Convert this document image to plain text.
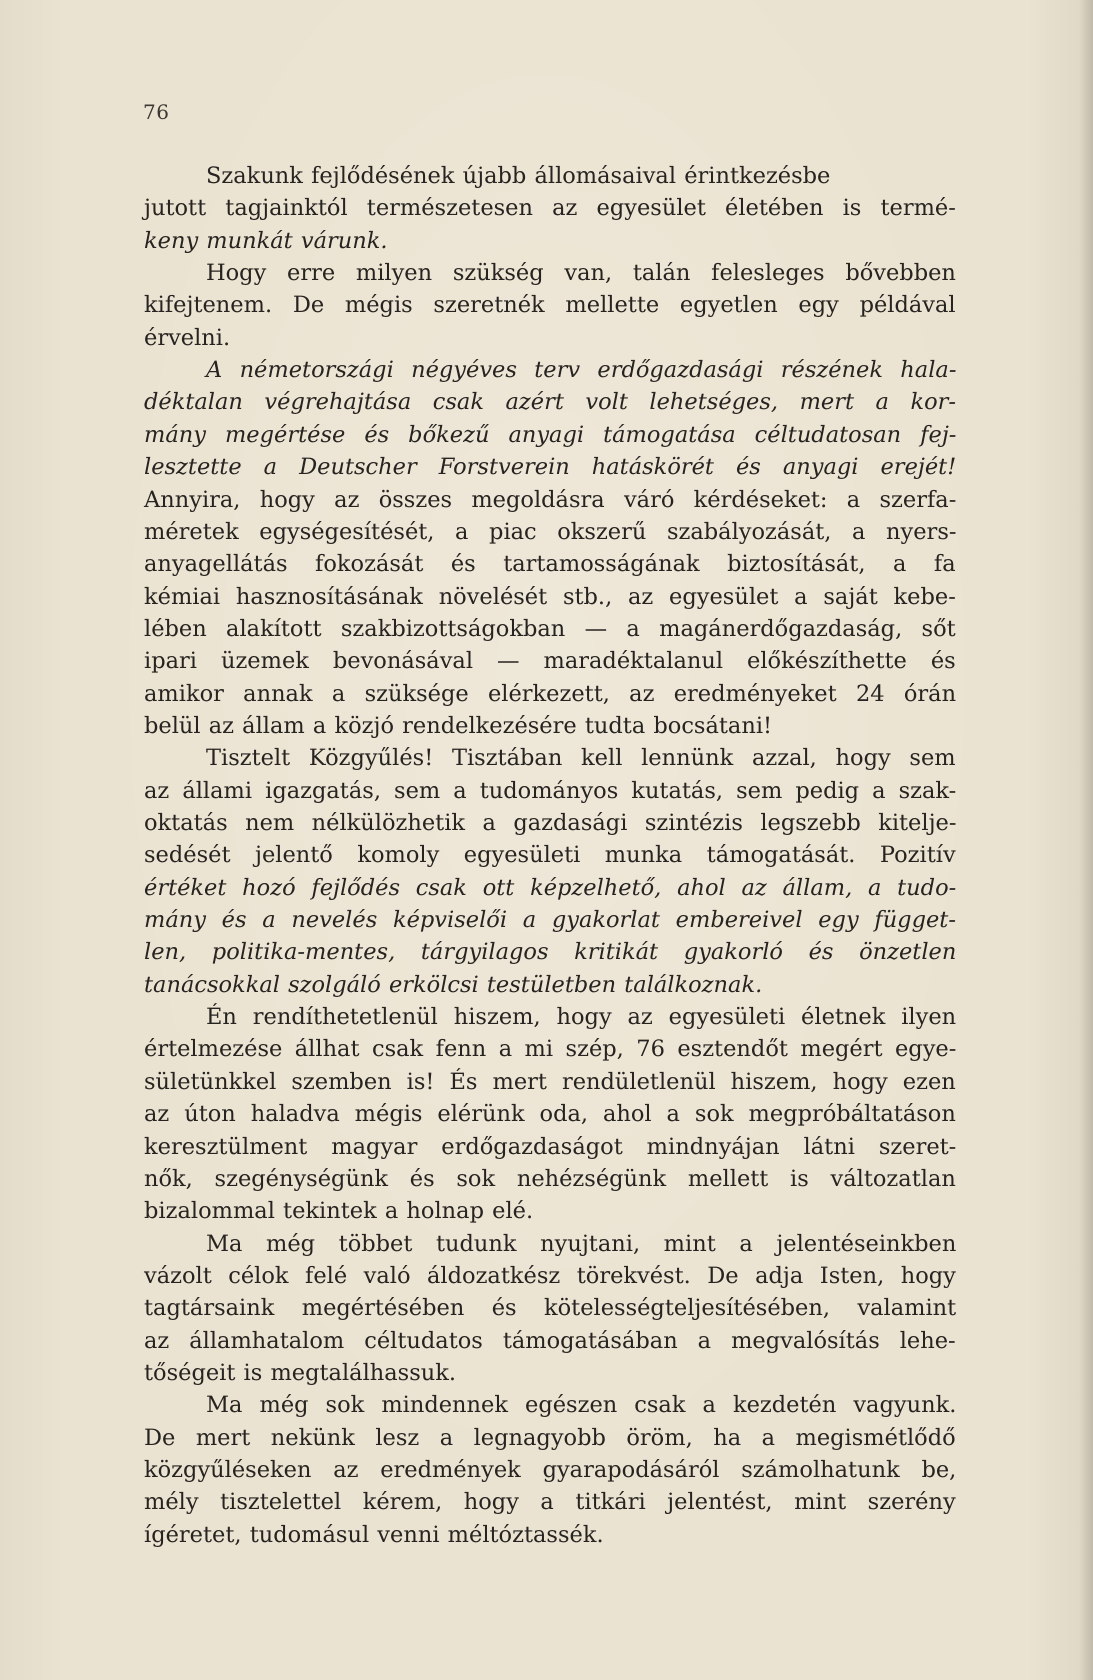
76
Szakunk fejlődésének újabb állomásaival érintkezésbe
jutott tagjainktól természetesen az egyesület életében is termé-
keny munkát várunk.
Hogy erre milyen szükség van, talán felesleges bővebben
kifejtenem. De mégis szeretnék mellette egyetlen egy példával
érvelni.
A németországi négyéves terv erdőgazdasági részének hala-
déktalan végrehajtása csak azért volt lehetséges, mert a kor-
mány megértése és bőkezű anyagi támogatása céltudatosan fej-
lesztette a Deutscher Forstverein hatáskörét és anyagi erejét!
Annyira, hogy az összes megoldásra váró kérdéseket: a szerfa-
méretek egységesítését, a piac okszerű szabályozását, a nyers-
anyagellátás fokozását és tartamosságának biztosítását, a fa
kémiai hasznosításának növelését stb., az egyesület a saját kebe-
lében alakított szakbizottságokban — a magánerdőgazdaság, sőt
ipari üzemek bevonásával — maradéktalanul előkészíthette és
amikor annak a szüksége elérkezett, az eredményeket 24 órán
belül az állam a közjó rendelkezésére tudta bocsátani!
Tisztelt Közgyűlés! Tisztában kell lennünk azzal, hogy sem
az állami igazgatás, sem a tudományos kutatás, sem pedig a szak-
oktatás nem nélkülözhetik a gazdasági szintézis legszebb kitelje-
sedését jelentő komoly egyesületi munka támogatását. Pozitív
értéket hozó fejlődés csak ott képzelhető, ahol az állam, a tudo-
mány és a nevelés képviselői a gyakorlat embereivel egy függet-
len, politika-mentes, tárgyilagos kritikát gyakorló és önzetlen
tanácsokkal szolgáló erkölcsi testületben találkoznak.
Én rendíthetetlenül hiszem, hogy az egyesületi életnek ilyen
értelmezése állhat csak fenn a mi szép, 76 esztendőt megért egye-
sületünkkel szemben is! És mert rendületlenül hiszem, hogy ezen
az úton haladva mégis elérünk oda, ahol a sok megpróbáltatáson
keresztülment magyar erdőgazdaságot mindnyájan látni szeret-
nők, szegénységünk és sok nehézségünk mellett is változatlan
bizalommal tekintek a holnap elé.
Ma még többet tudunk nyujtani, mint a jelentéseinkben
vázolt célok felé való áldozatkész törekvést. De adja Isten, hogy
tagtársaink megértésében és kötelességteljesítésében, valamint
az államhatalom céltudatos támogatásában a megvalósítás lehe-
tőségeit is megtalálhassuk.
Ma még sok mindennek egészen csak a kezdetén vagyunk.
De mert nekünk lesz a legnagyobb öröm, ha a megismétlődő
közgyűléseken az eredmények gyarapodásáról számolhatunk be,
mély tisztelettel kérem, hogy a titkári jelentést, mint szerény
ígéretet, tudomásul venni méltóztassék.
